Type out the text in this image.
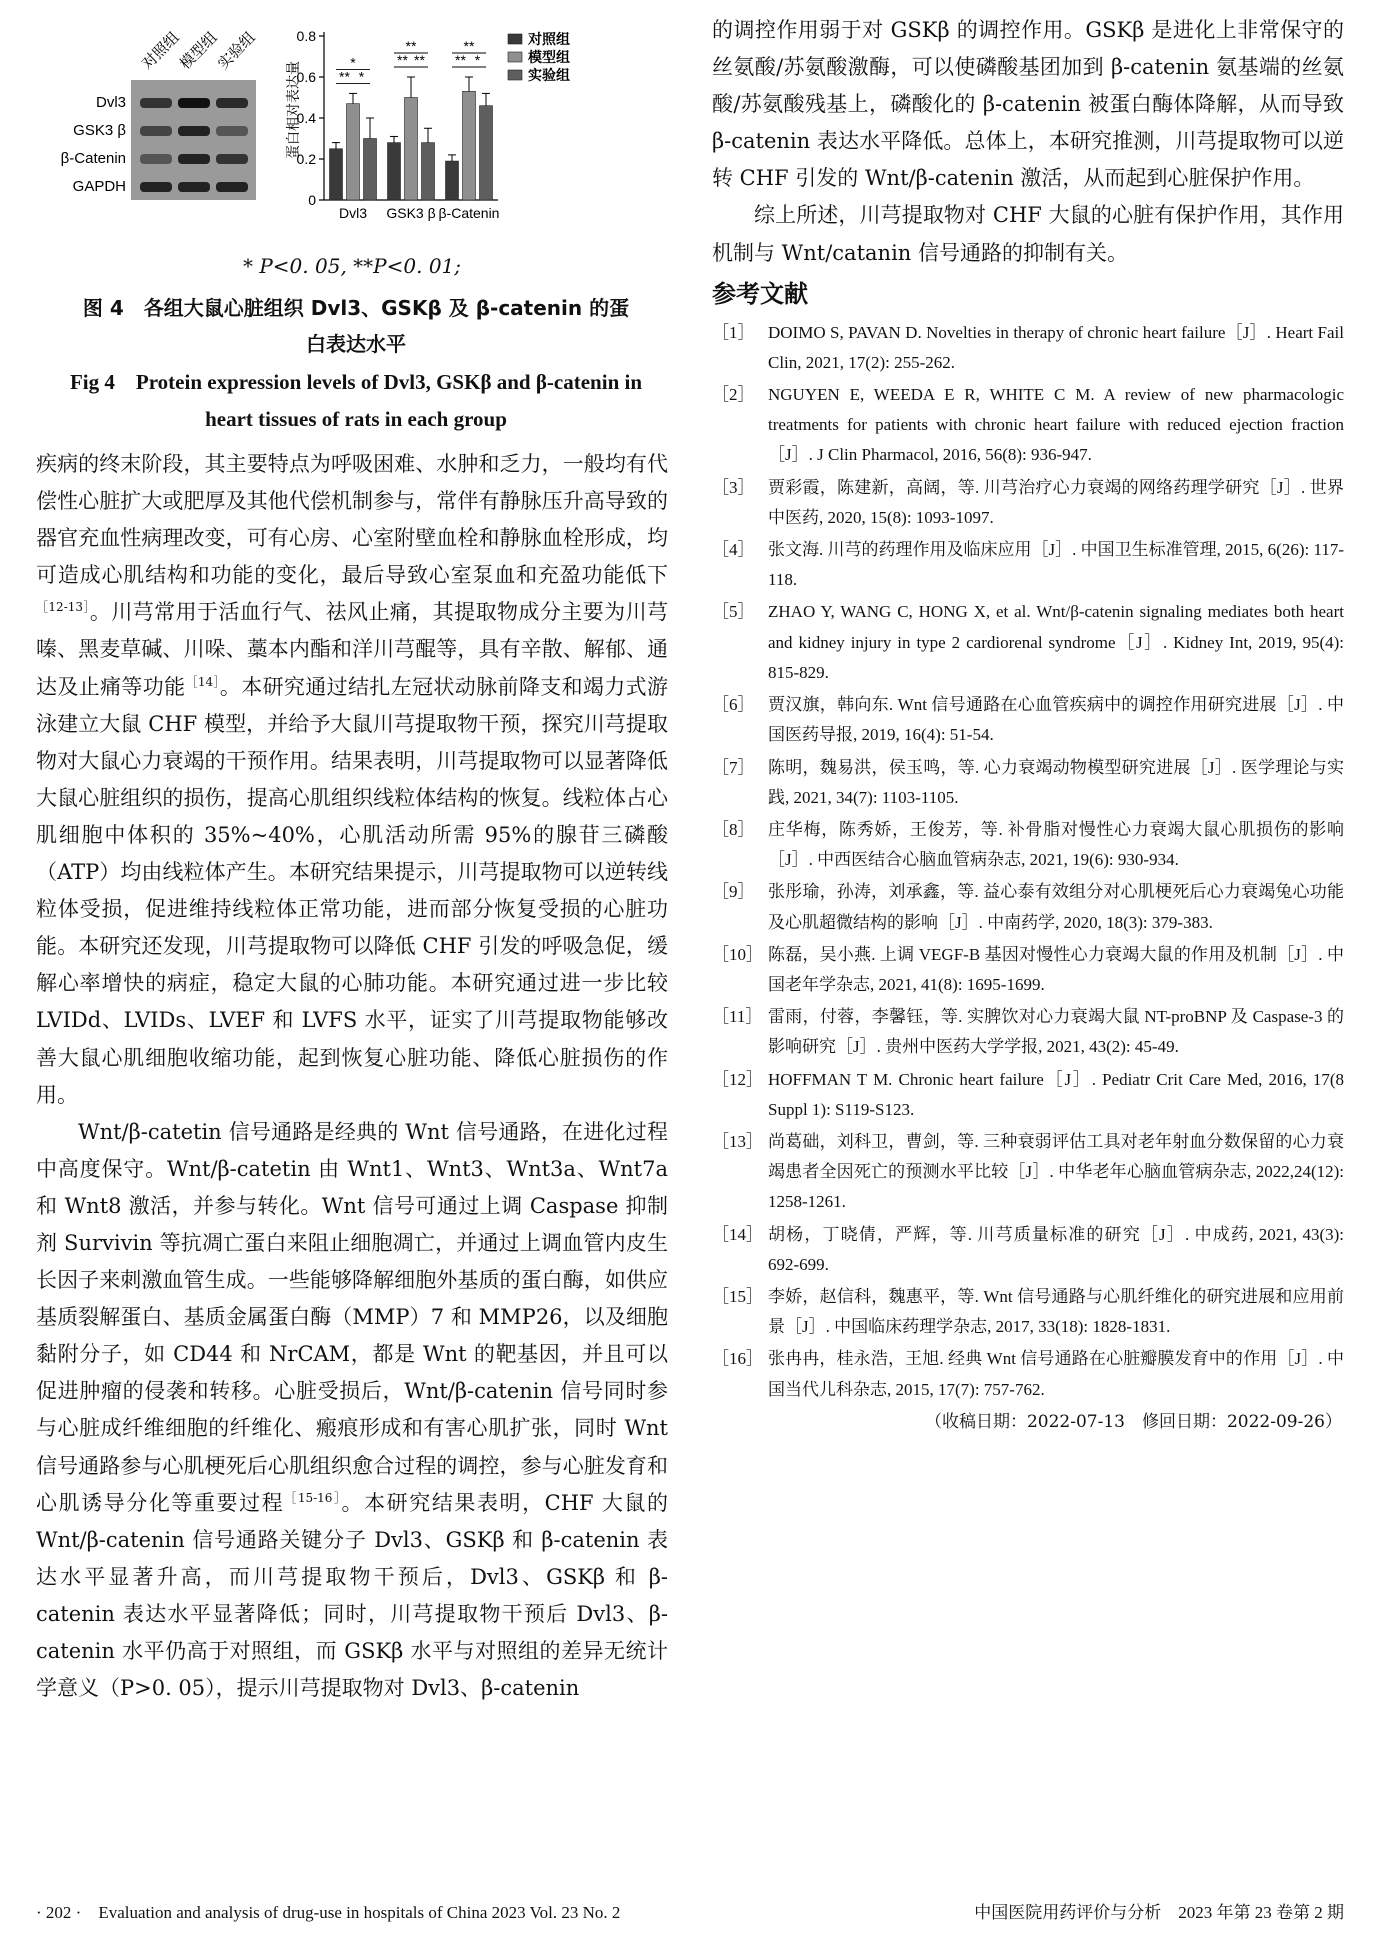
对照组
模型组
实验组
Dvl3
GSK3 β
β-Catenin
GAPDH
蛋白相对表达量
0
0.2
0.4
0.6
0.8
Dvl3 GSK3 β β-Catenin
*
** *
**
** **
**
** *
对照组
模型组
实验组
* P<0. 05, **P<0. 01;
图 4　各组大鼠心脏组织 Dvl3、GSKβ 及 β-catenin 的蛋白表达水平
Fig 4　Protein expression levels of Dvl3, GSKβ and β-catenin in heart tissues of rats in each group

疾病的终末阶段，其主要特点为呼吸困难、水肿和乏力，一般均有代偿性心脏扩大或肥厚及其他代偿机制参与，常伴有静脉压升高导致的器官充血性病理改变，可有心房、心室附壁血栓和静脉血栓形成，均可造成心肌结构和功能的变化，最后导致心室泵血和充盈功能低下$^{[12-13]}$。川芎常用于活血行气、祛风止痛，其提取物成分主要为川芎嗪、黑麦草碱、川哚、藁本内酯和洋川芎醌等，具有辛散、解郁、通达及止痛等功能$^{[14]}$。本研究通过结扎左冠状动脉前降支和竭力式游泳建立大鼠 CHF 模型，并给予大鼠川芎提取物干预，探究川芎提取物对大鼠心力衰竭的干预作用。结果表明，川芎提取物可以显著降低大鼠心脏组织的损伤，提高心肌组织线粒体结构的恢复。线粒体占心肌细胞中体积的 35%~40%，心肌活动所需 95%的腺苷三磷酸（ATP）均由线粒体产生。本研究结果提示，川芎提取物可以逆转线粒体受损，促进维持线粒体正常功能，进而部分恢复受损的心脏功能。本研究还发现，川芎提取物可以降低 CHF 引发的呼吸急促，缓解心率增快的病症，稳定大鼠的心肺功能。本研究通过进一步比较 LVIDd、LVIDs、LVEF 和 LVFS 水平，证实了川芎提取物能够改善大鼠心肌细胞收缩功能，起到恢复心脏功能、降低心脏损伤的作用。

Wnt/β-catetin 信号通路是经典的 Wnt 信号通路，在进化过程中高度保守。Wnt/β-catetin 由 Wnt1、Wnt3、Wnt3a、Wnt7a 和 Wnt8 激活，并参与转化。Wnt 信号可通过上调 Caspase 抑制剂 Survivin 等抗凋亡蛋白来阻止细胞凋亡，并通过上调血管内皮生长因子来刺激血管生成。一些能够降解细胞外基质的蛋白酶，如供应基质裂解蛋白、基质金属蛋白酶（MMP）7 和 MMP26，以及细胞黏附分子，如 CD44 和 NrCAM，都是 Wnt 的靶基因，并且可以促进肿瘤的侵袭和转移。心脏受损后，Wnt/β-catenin 信号同时参与心脏成纤维细胞的纤维化、瘢痕形成和有害心肌扩张，同时 Wnt 信号通路参与心肌梗死后心肌组织愈合过程的调控，参与心脏发育和心肌诱导分化等重要过程$^{[15-16]}$。本研究结果表明，CHF 大鼠的 Wnt/β-catenin 信号通路关键分子 Dvl3、GSKβ 和 β-catenin 表达水平显著升高，而川芎提取物干预后，Dvl3、GSKβ 和 β-catenin 表达水平显著降低；同时，川芎提取物干预后 Dvl3、β-catenin 水平仍高于对照组，而 GSKβ 水平与对照组的差异无统计学意义（P>0. 05），提示川芎提取物对 Dvl3、β-catenin

的调控作用弱于对 GSKβ 的调控作用。GSKβ 是进化上非常保守的丝氨酸/苏氨酸激酶，可以使磷酸基团加到 β-catenin 氨基端的丝氨酸/苏氨酸残基上，磷酸化的 β-catenin 被蛋白酶体降解，从而导致 β-catenin 表达水平降低。总体上，本研究推测，川芎提取物可以逆转 CHF 引发的 Wnt/β-catenin 激活，从而起到心脏保护作用。

综上所述，川芎提取物对 CHF 大鼠的心脏有保护作用，其作用机制与 Wnt/catanin 信号通路的抑制有关。

参考文献
［1］ DOIMO S, PAVAN D. Novelties in therapy of chronic heart failure［J］. Heart Fail Clin, 2021, 17(2): 255-262.
［2］ NGUYEN E, WEEDA E R, WHITE C M. A review of new pharmacologic treatments for patients with chronic heart failure with reduced ejection fraction［J］. J Clin Pharmacol, 2016, 56(8): 936-947.
［3］ 贾彩霞，陈建新，高阔，等. 川芎治疗心力衰竭的网络药理学研究［J］. 世界中医药, 2020, 15(8): 1093-1097.
［4］ 张文海. 川芎的药理作用及临床应用［J］. 中国卫生标准管理, 2015, 6(26): 117-118.
［5］ ZHAO Y, WANG C, HONG X, et al. Wnt/β-catenin signaling mediates both heart and kidney injury in type 2 cardiorenal syndrome［J］. Kidney Int, 2019, 95(4): 815-829.
［6］ 贾汉旗，韩向东. Wnt 信号通路在心血管疾病中的调控作用研究进展［J］. 中国医药导报, 2019, 16(4): 51-54.
［7］ 陈明，魏易洪，侯玉鸣，等. 心力衰竭动物模型研究进展［J］. 医学理论与实践, 2021, 34(7): 1103-1105.
［8］ 庄华梅，陈秀娇，王俊芳，等. 补骨脂对慢性心力衰竭大鼠心肌损伤的影响［J］. 中西医结合心脑血管病杂志, 2021, 19(6): 930-934.
［9］ 张彤瑜，孙涛，刘承鑫，等. 益心泰有效组分对心肌梗死后心力衰竭兔心功能及心肌超微结构的影响［J］. 中南药学, 2020, 18(3): 379-383.
［10］ 陈磊，吴小燕. 上调 VEGF-B 基因对慢性心力衰竭大鼠的作用及机制［J］. 中国老年学杂志, 2021, 41(8): 1695-1699.
［11］ 雷雨，付蓉，李馨钰，等. 实脾饮对心力衰竭大鼠 NT-proBNP 及 Caspase-3 的影响研究［J］. 贵州中医药大学学报, 2021, 43(2): 45-49.
［12］ HOFFMAN T M. Chronic heart failure［J］. Pediatr Crit Care Med, 2016, 17(8 Suppl 1): S119-S123.
［13］ 尚葛础，刘科卫，曹剑，等. 三种衰弱评估工具对老年射血分数保留的心力衰竭患者全因死亡的预测水平比较［J］. 中华老年心脑血管病杂志, 2022,24(12): 1258-1261.
［14］ 胡杨，丁晓倩，严辉，等. 川芎质量标准的研究［J］. 中成药, 2021, 43(3): 692-699.
［15］ 李娇，赵信科，魏惠平，等. Wnt 信号通路与心肌纤维化的研究进展和应用前景［J］. 中国临床药理学杂志, 2017, 33(18): 1828-1831.
［16］ 张冉冉，桂永浩，王旭. 经典 Wnt 信号通路在心脏瓣膜发育中的作用［J］. 中国当代儿科杂志, 2015, 17(7): 757-762.
（收稿日期：2022-07-13　修回日期：2022-09-26）
· 202 ·　Evaluation and analysis of drug-use in hospitals of China 2023 Vol. 23 No. 2	中国医院用药评价与分析　2023 年第 23 卷第 2 期
